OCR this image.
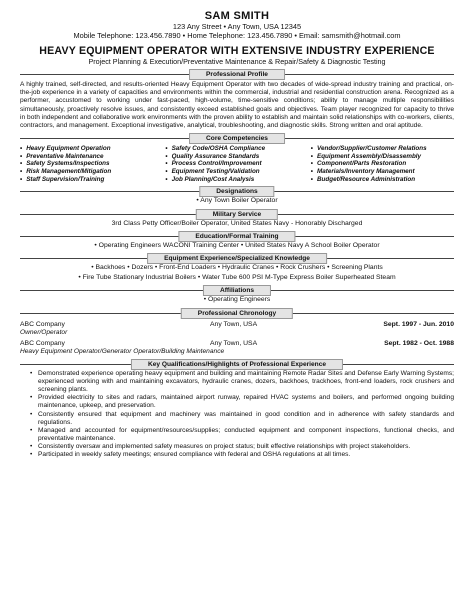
SAM SMITH
123 Any Street • Any Town, USA 12345
Mobile Telephone: 123.456.7890 • Home Telephone: 123.456.7890 • Email: samsmith@hotmail.com
HEAVY EQUIPMENT OPERATOR WITH EXTENSIVE INDUSTRY EXPERIENCE
Project Planning & Execution/Preventative Maintenance & Repair/Safety & Diagnostic Testing
Professional Profile
A highly trained, self-directed, and results-oriented Heavy Equipment Operator with two decades of wide-spread industry training and practical, on-the-job experience in a variety of capacities and environments within the commercial, industrial and residential construction arena. Recognized as a performer, accustomed to working under fast-paced, high-volume, time-sensitive conditions; ability to manage multiple responsibilities simultaneously, proactively resolve issues, and consistently exceed established goals and objectives. Team player recognized for capacity to thrive in both independent and collaborative work environments with the proven ability to establish and maintain solid relationships with co-workers, clients, contractors, and management. Exceptional investigative, analytical, troubleshooting, and diagnostic skills. Strong written and oral aptitude.
Core Competencies
• Heavy Equipment Operation
• Preventative Maintenance
• Safety Systems/Inspections
• Risk Management/Mitigation
• Staff Supervision/Training
• Safety Code/OSHA Compliance
• Quality Assurance Standards
• Process Control/Improvement
• Equipment Testing/Validation
• Job Planning/Cost Analysis
• Vendor/Supplier/Customer Relations
• Equipment Assembly/Disassembly
• Component/Parts Restoration
• Materials/Inventory Management
• Budget/Resource Administration
Designations
• Any Town Boiler Operator
Military Service
3rd Class Petty Officer/Boiler Operator, United States Navy - Honorably Discharged
Education/Formal Training
• Operating Engineers WACONI Training Center • United States Navy A School Boiler Operator
Equipment Experience/Specialized Knowledge
• Backhoes • Dozers • Front-End Loaders • Hydraulic Cranes • Rock Crushers • Screening Plants
• Fire Tube Stationary Industrial Boilers • Water Tube 600 PSI M-Type Express Boiler Superheated Steam
Affiliations
• Operating Engineers
Professional Chronology
ABC Company	Any Town, USA	Sept. 1997 - Jun. 2010
Owner/Operator
ABC Company	Any Town, USA	Sept. 1982 - Oct. 1988
Heavy Equipment Operator/Generator Operator/Building Maintenance
Key Qualifications/Highlights of Professional Experience
• Demonstrated experience operating heavy equipment and building and maintaining Remote Radar Sites and Defense Early Warning Systems; experienced working with and maintaining excavators, hydraulic cranes, dozers, backhoes, trackhoes, front-end loaders, rock crushers and screening plants.
• Provided electricity to sites and radars, maintained airport runway, repaired HVAC systems and boilers, and performed ongoing building maintenance, upkeep, and preservation.
• Consistently ensured that equipment and machinery was maintained in good condition and in adherence with safety standards and regulations.
• Managed and accounted for equipment/resources/supplies; conducted equipment and component inspections, functional checks, and preventative maintenance.
• Consistently oversaw and implemented safety measures on project status; built effective relationships with project stakeholders.
• Participated in weekly safety meetings; ensured compliance with federal and OSHA regulations at all times.
